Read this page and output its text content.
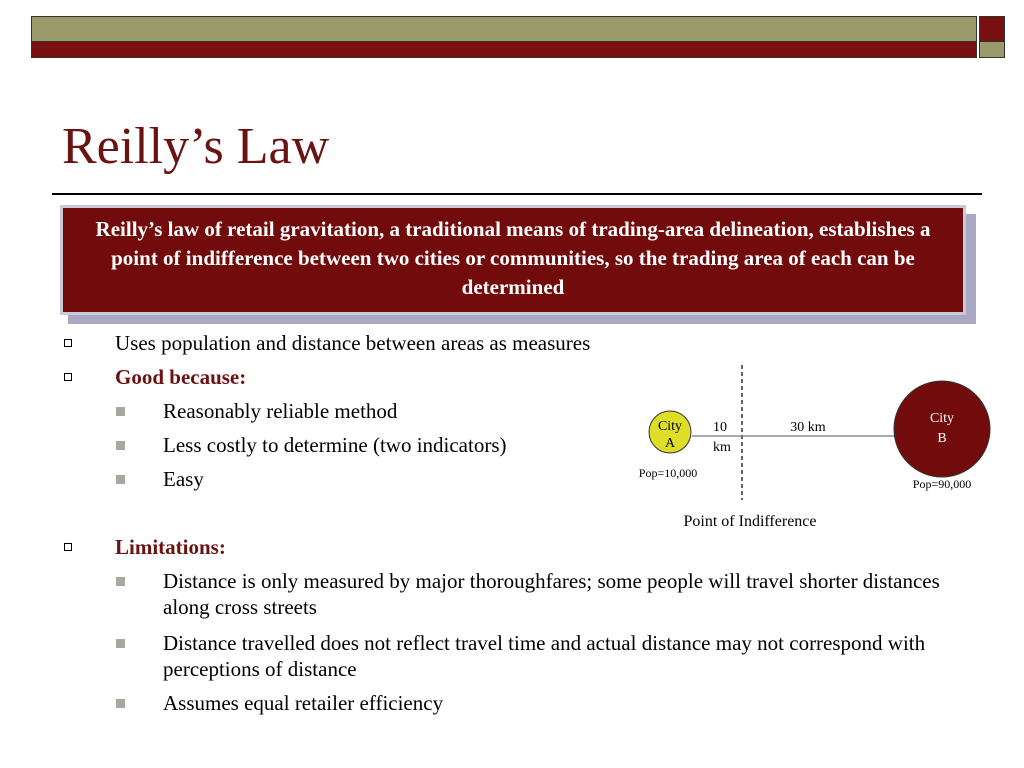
Reilly’s Law
Reilly’s law of retail gravitation, a traditional means of trading-area delineation, establishes a point of indifference between two cities or communities, so the trading area of each can be determined
Uses population and distance between areas as measures
Good because:
Reasonably reliable method
Less costly to determine (two indicators)
Easy
Limitations:
Distance is only measured by major thoroughfares; some people will travel shorter distances along cross streets
Distance travelled does not reflect travel time and actual distance may not correspond with perceptions of distance
Assumes equal retailer efficiency
City
A
City
B
10
km
30 km
Pop=10,000
Pop=90,000
Point of Indifference
